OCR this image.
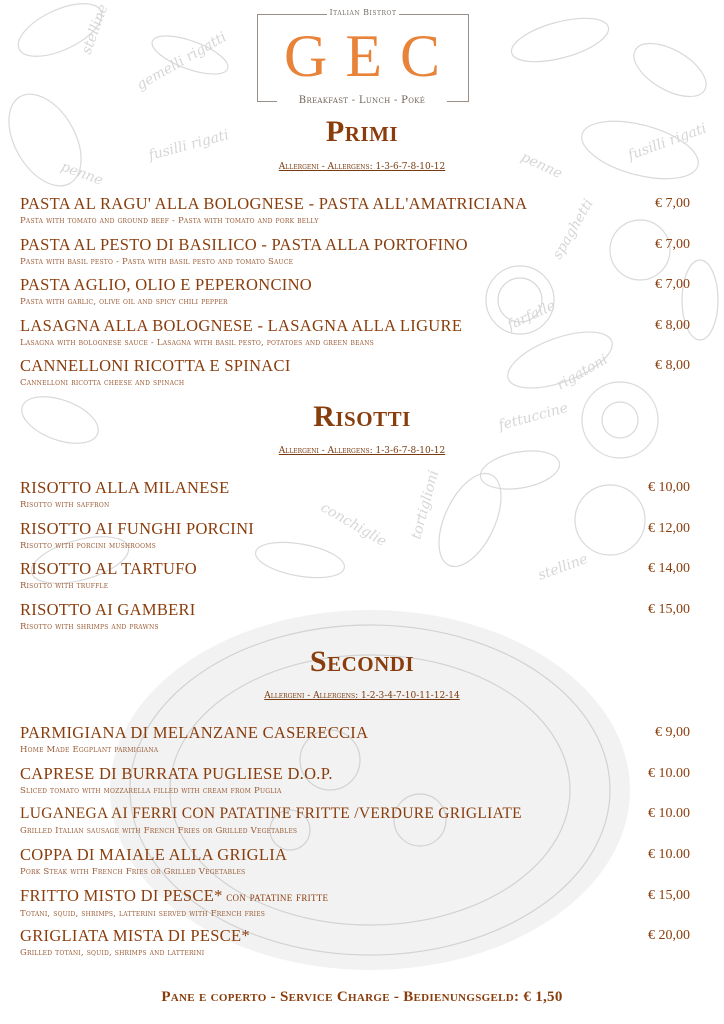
gemelli rigatti
stelline
penne
fusilli rigati
spaghetti
rigatoni
farfalle
fettuccine
conchiglie tortiglioni
penne
fusilli rigati
stelline
GEC
Italian Bistrot
Breakfast - Lunch - Poké
Primi
Allergeni - Allergens: 1-3-6-7-8-10-12
PASTA AL RAGU' ALLA BOLOGNESE - PASTA ALL'AMATRICIANA
Pasta with tomato and ground beef - Pasta with tomato and pork belly
€ 7,00
PASTA AL PESTO DI BASILICO - PASTA ALLA PORTOFINO
Pasta with basil pesto - Pasta with basil pesto and tomato Sauce
€ 7,00
PASTA AGLIO, OLIO E PEPERONCINO
Pasta with garlic, olive oil and spicy chili pepper
€ 7,00
LASAGNA ALLA BOLOGNESE - LASAGNA ALLA LIGURE
Lasagna with bolognese sauce - Lasagna with basil pesto, potatoes and green beans
€ 8,00
CANNELLONI RICOTTA E SPINACI
Cannelloni ricotta cheese and spinach
€ 8,00
Risotti
Allergeni - Allergens: 1-3-6-7-8-10-12
RISOTTO ALLA MILANESE
Risotto with saffron
€ 10,00
RISOTTO AI FUNGHI PORCINI
Risotto with porcini mushrooms
€ 12,00
RISOTTO AL TARTUFO
Risotto with truffle
€ 14,00
RISOTTO AI GAMBERI
Risotto with shrimps and prawns
€ 15,00
Secondi
Allergeni - Allergens: 1-2-3-4-7-10-11-12-14
PARMIGIANA DI MELANZANE CASERECCIA
Home Made Eggplant parmigiana
€ 9,00
CAPRESE DI BURRATA PUGLIESE D.O.P.
Sliced tomato with mozzarella filled with cream from Puglia
€ 10.00
LUGANEGA AI FERRI CON PATATINE FRITTE /VERDURE GRIGLIATE
Grilled Italian sausage with French Fries or Grilled Vegetables
€ 10.00
COPPA DI MAIALE ALLA GRIGLIA
Pork Steak with French Fries or Grilled Vegetables
€ 10.00
FRITTO MISTO DI PESCE* con patatine fritte
Totani, squid, shrimps, latterini served with French fries
€ 15,00
GRIGLIATA MISTA DI PESCE*
Grilled totani, squid, shrimps and latterini
€ 20,00
Pane e coperto - Service Charge - Bedienungsgeld: € 1,50
